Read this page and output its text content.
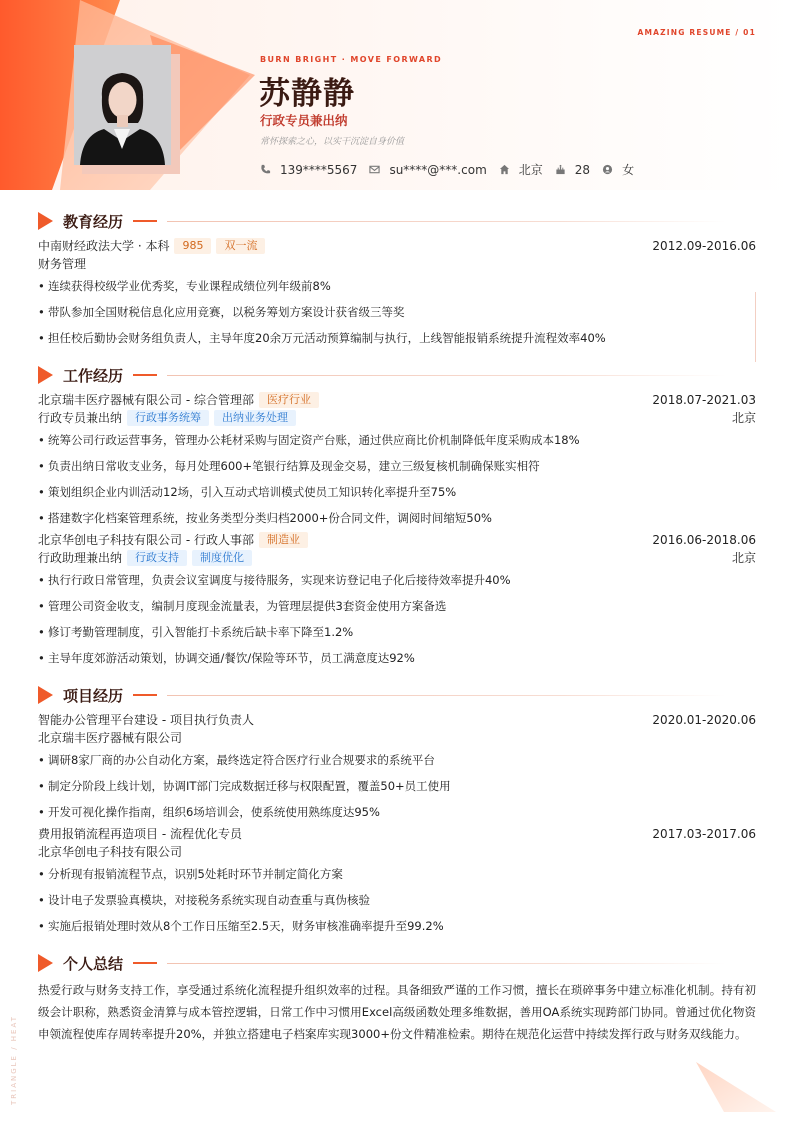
AMAZING RESUME / 01
BURN BRIGHT · MOVE FORWARD
苏静静
行政专员兼出纳
常怀探索之心，以实干沉淀自身价值
139****5567	su****@***.com	北京	28	女
教育经历
中南财经政法大学 · 本科	985	双一流	2012.09-2016.06
财务管理
• 连续获得校级学业优秀奖，专业课程成绩位列年级前8%
• 带队参加全国财税信息化应用竞赛，以税务筹划方案设计获省级三等奖
• 担任校后勤协会财务组负责人，主导年度20余万元活动预算编制与执行，上线智能报销系统提升流程效率40%
工作经历
北京瑞丰医疗器械有限公司 - 综合管理部	医疗行业	2018.07-2021.03
行政专员兼出纳	行政事务统筹	出纳业务处理	北京
• 统筹公司行政运营事务，管理办公耗材采购与固定资产台账，通过供应商比价机制降低年度采购成本18%
• 负责出纳日常收支业务，每月处理600+笔银行结算及现金交易，建立三级复核机制确保账实相符
• 策划组织企业内训活动12场，引入互动式培训模式使员工知识转化率提升至75%
• 搭建数字化档案管理系统，按业务类型分类归档2000+份合同文件，调阅时间缩短50%
北京华创电子科技有限公司 - 行政人事部	制造业	2016.06-2018.06
行政助理兼出纳	行政支持	制度优化	北京
• 执行行政日常管理，负责会议室调度与接待服务，实现来访登记电子化后接待效率提升40%
• 管理公司资金收支，编制月度现金流量表，为管理层提供3套资金使用方案备选
• 修订考勤管理制度，引入智能打卡系统后缺卡率下降至1.2%
• 主导年度郊游活动策划，协调交通/餐饮/保险等环节，员工满意度达92%
项目经历
智能办公管理平台建设 - 项目执行负责人	2020.01-2020.06
北京瑞丰医疗器械有限公司
• 调研8家厂商的办公自动化方案，最终选定符合医疗行业合规要求的系统平台
• 制定分阶段上线计划，协调IT部门完成数据迁移与权限配置，覆盖50+员工使用
• 开发可视化操作指南，组织6场培训会，使系统使用熟练度达95%
费用报销流程再造项目 - 流程优化专员	2017.03-2017.06
北京华创电子科技有限公司
• 分析现有报销流程节点，识别5处耗时环节并制定简化方案
• 设计电子发票验真模块，对接税务系统实现自动查重与真伪核验
• 实施后报销处理时效从8个工作日压缩至2.5天，财务审核准确率提升至99.2%
个人总结
热爱行政与财务支持工作，享受通过系统化流程提升组织效率的过程。具备细致严谨的工作习惯，擅长在琐碎事务中建立标准化机制。持有初级会计职称，熟悉资金清算与成本管控逻辑，日常工作中习惯用Excel高级函数处理多维数据，善用OA系统实现跨部门协同。曾通过优化物资申领流程使库存周转率提升20%，并独立搭建电子档案库实现3000+份文件精准检索。期待在规范化运营中持续发挥行政与财务双线能力。
TRIANGLE / HEAT
